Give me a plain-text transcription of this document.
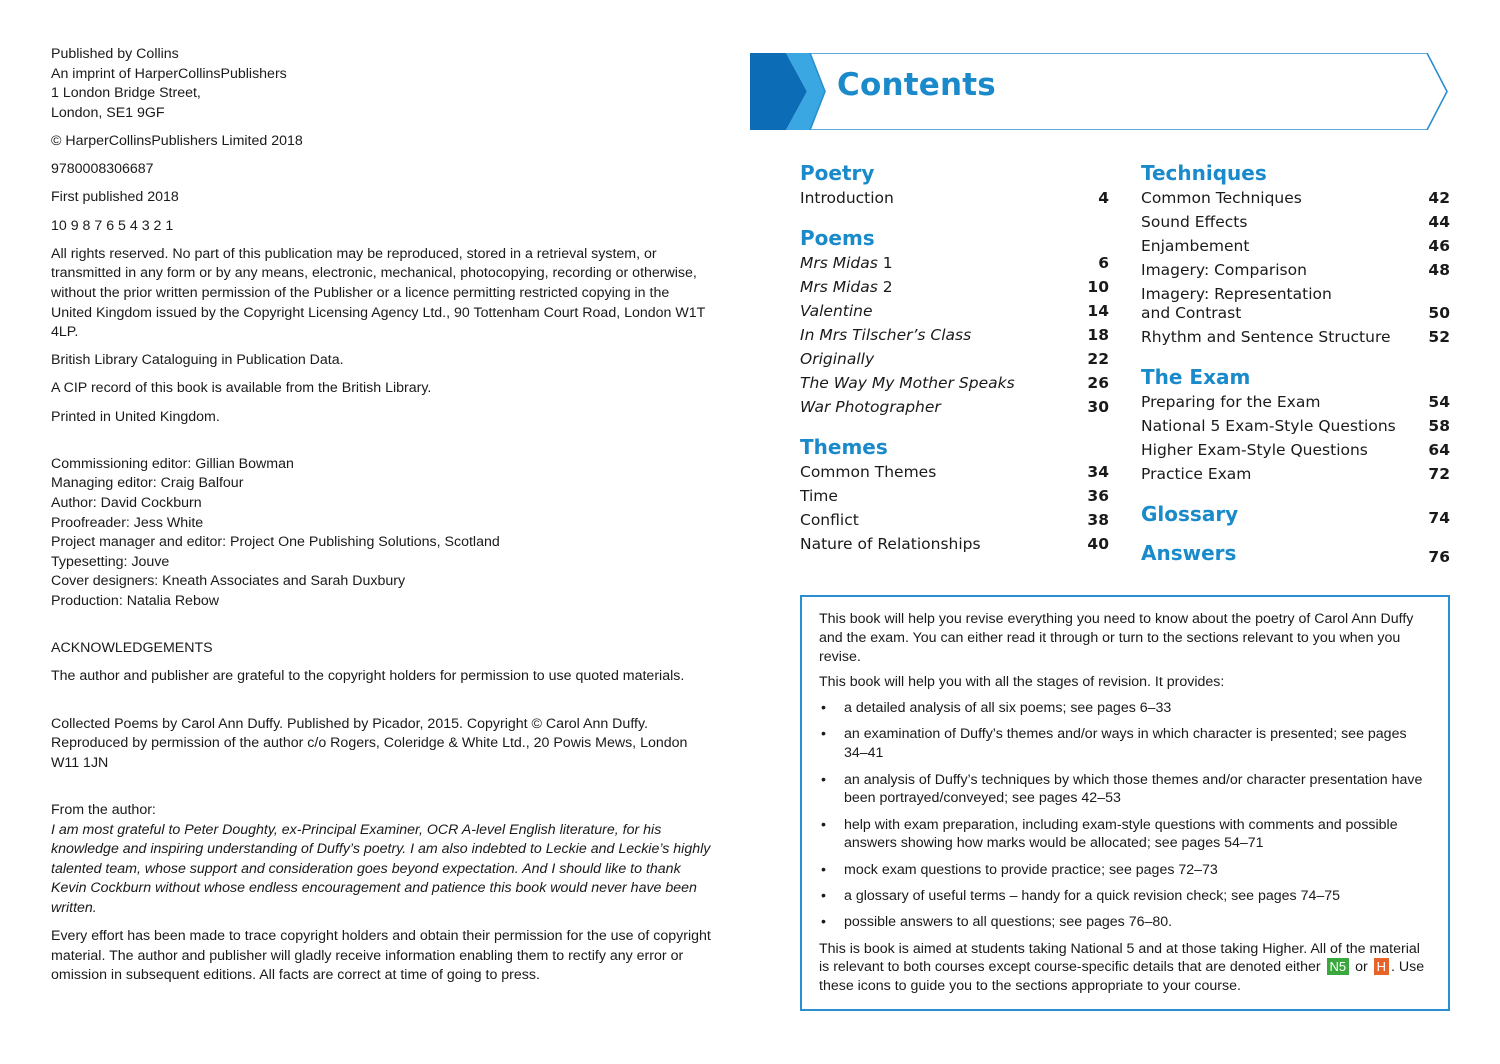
Published by Collins

An imprint of HarperCollinsPublishers

1 London Bridge Street,

London, SE1 9GF

© HarperCollinsPublishers Limited 2018

9780008306687

First published 2018

10 9 8 7 6 5 4 3 2 1

All rights reserved. No part of this publication may be reproduced, stored in a retrieval system, or transmitted in any form or by any means, electronic, mechanical, photocopying, recording or otherwise, without the prior written permission of the Publisher or a licence permitting restricted copying in the United Kingdom issued by the Copyright Licensing Agency Ltd., 90 Tottenham Court Road, London W1T 4LP.

British Library Cataloguing in Publication Data.

A CIP record of this book is available from the British Library.

Printed in United Kingdom.

Commissioning editor: Gillian Bowman

Managing editor: Craig Balfour

Author: David Cockburn

Proofreader: Jess White

Project manager and editor: Project One Publishing Solutions, Scotland

Typesetting: Jouve

Cover designers: Kneath Associates and Sarah Duxbury

Production: Natalia Rebow

ACKNOWLEDGEMENTS

The author and publisher are grateful to the copyright holders for permission to use quoted materials.

Collected Poems by Carol Ann Duffy. Published by Picador, 2015. Copyright © Carol Ann Duffy. Reproduced by permission of the author c/o Rogers, Coleridge & White Ltd., 20 Powis Mews, London W11 1JN

From the author:

I am most grateful to Peter Doughty, ex-Principal Examiner, OCR A-level English literature, for his knowledge and inspiring understanding of Duffy’s poetry. I am also indebted to Leckie and Leckie’s highly talented team, whose support and consideration goes beyond expectation. And I should like to thank Kevin Cockburn without whose endless encouragement and patience this book would never have been written.

Every effort has been made to trace copyright holders and obtain their permission for the use of copyright material. The author and publisher will gladly receive information enabling them to rectify any error or omission in subsequent editions. All facts are correct at time of going to press.

Contents
Poetry
Introduction	4
Poems
Mrs Midas 1	6
Mrs Midas 2	10
Valentine	14
In Mrs Tilscher’s Class	18
Originally	22
The Way My Mother Speaks	26
War Photographer	30
Themes
Common Themes	34
Time	36
Conflict	38
Nature of Relationships	40
Techniques
Common Techniques	42
Sound Effects	44
Enjambement	46
Imagery: Comparison	48
Imagery: Representation
and Contrast	50
Rhythm and Sentence Structure 52
The Exam
Preparing for the Exam	54
National 5 Exam-Style Questions 58
Higher Exam-Style Questions	64
Practice Exam	72
Glossary	74
Answers	76

This book will help you revise everything you need to know about the poetry of Carol Ann Duffy and the exam. You can either read it through or turn to the sections relevant to you when you revise.

This book will help you with all the stages of revision. It provides:

• a detailed analysis of all six poems; see pages 6–33
• an examination of Duffy’s themes and/or ways in which character is presented; see pages 34–41
• an analysis of Duffy’s techniques by which those themes and/or character presentation have been portrayed/conveyed; see pages 42–53
• help with exam preparation, including exam-style questions with comments and possible answers showing how marks would be allocated; see pages 54–71
• mock exam questions to provide practice; see pages 72–73
• a glossary of useful terms – handy for a quick revision check; see pages 74–75
• possible answers to all questions; see pages 76–80.

This is book is aimed at students taking National 5 and at those taking Higher. All of the material is relevant to both courses except course-specific details that are denoted either N5 or H . Use these icons to guide you to the sections appropriate to your course.
